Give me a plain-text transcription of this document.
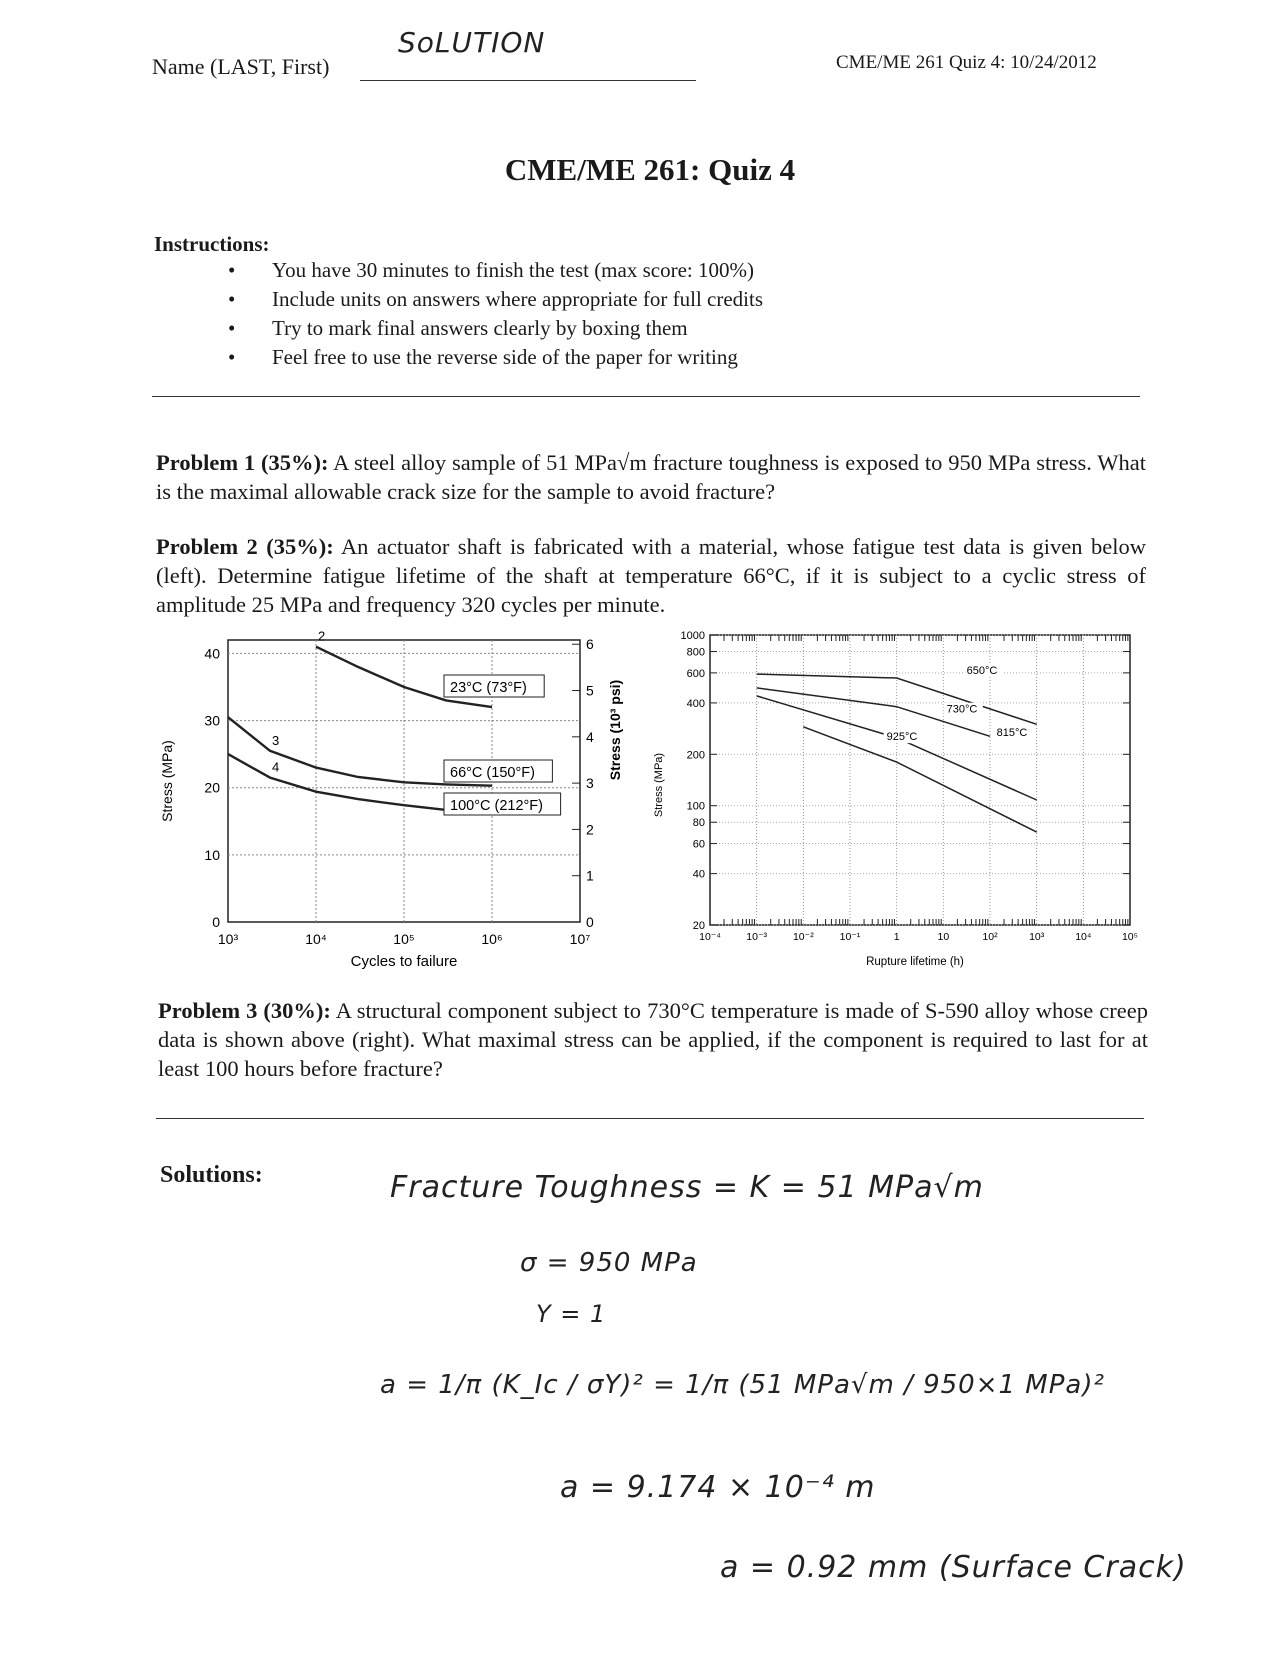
Name (LAST, First)
SoLUTION
CME/ME 261 Quiz 4: 10/24/2012
CME/ME 261: Quiz 4
Instructions:
• You have 30 minutes to finish the test (max score: 100%)
• Include units on answers where appropriate for full credits
• Try to mark final answers clearly by boxing them
• Feel free to use the reverse side of the paper for writing
Problem 1 (35%): A steel alloy sample of 51 MPa√m fracture toughness is exposed to 950 MPa stress. What is the maximal allowable crack size for the sample to avoid fracture?
Problem 2 (35%): An actuator shaft is fabricated with a material, whose fatigue test data is given below (left). Determine fatigue lifetime of the shaft at temperature 66°C, if it is subject to a cyclic stress of amplitude 25 MPa and frequency 320 cycles per minute.
23°C (73°F)
2
66°C (150°F)
3
100°C (212°F)
4
10³	10⁴	10⁵	10⁶	10⁷
0
10
20
30
40
0
1
2
3
4
5
6
Cycles to failure
Stress (MPa)
Stress (10³ psi)
650°C
730°C
815°C
925°C
10⁻⁴ 10⁻³ 10⁻² 10⁻¹	1	10	10²	10³	10⁴	10⁵
20
40
60
80
100
200
400
600
800
1000
Rupture lifetime (h)
Stress (MPa)
Problem 3 (30%): A structural component subject to 730°C temperature is made of S-590 alloy whose creep data is shown above (right). What maximal stress can be applied, if the component is required to last for at least 100 hours before fracture?
Solutions:	Fracture Toughness = K = 51 MPa√m
σ = 950 MPa
Y = 1
a = 1/π (K_Ic / σY)² = 1/π (51 MPa√m / 950×1 MPa)²
a = 9.174 × 10⁻⁴ m
a = 0.92 mm (Surface Crack)
